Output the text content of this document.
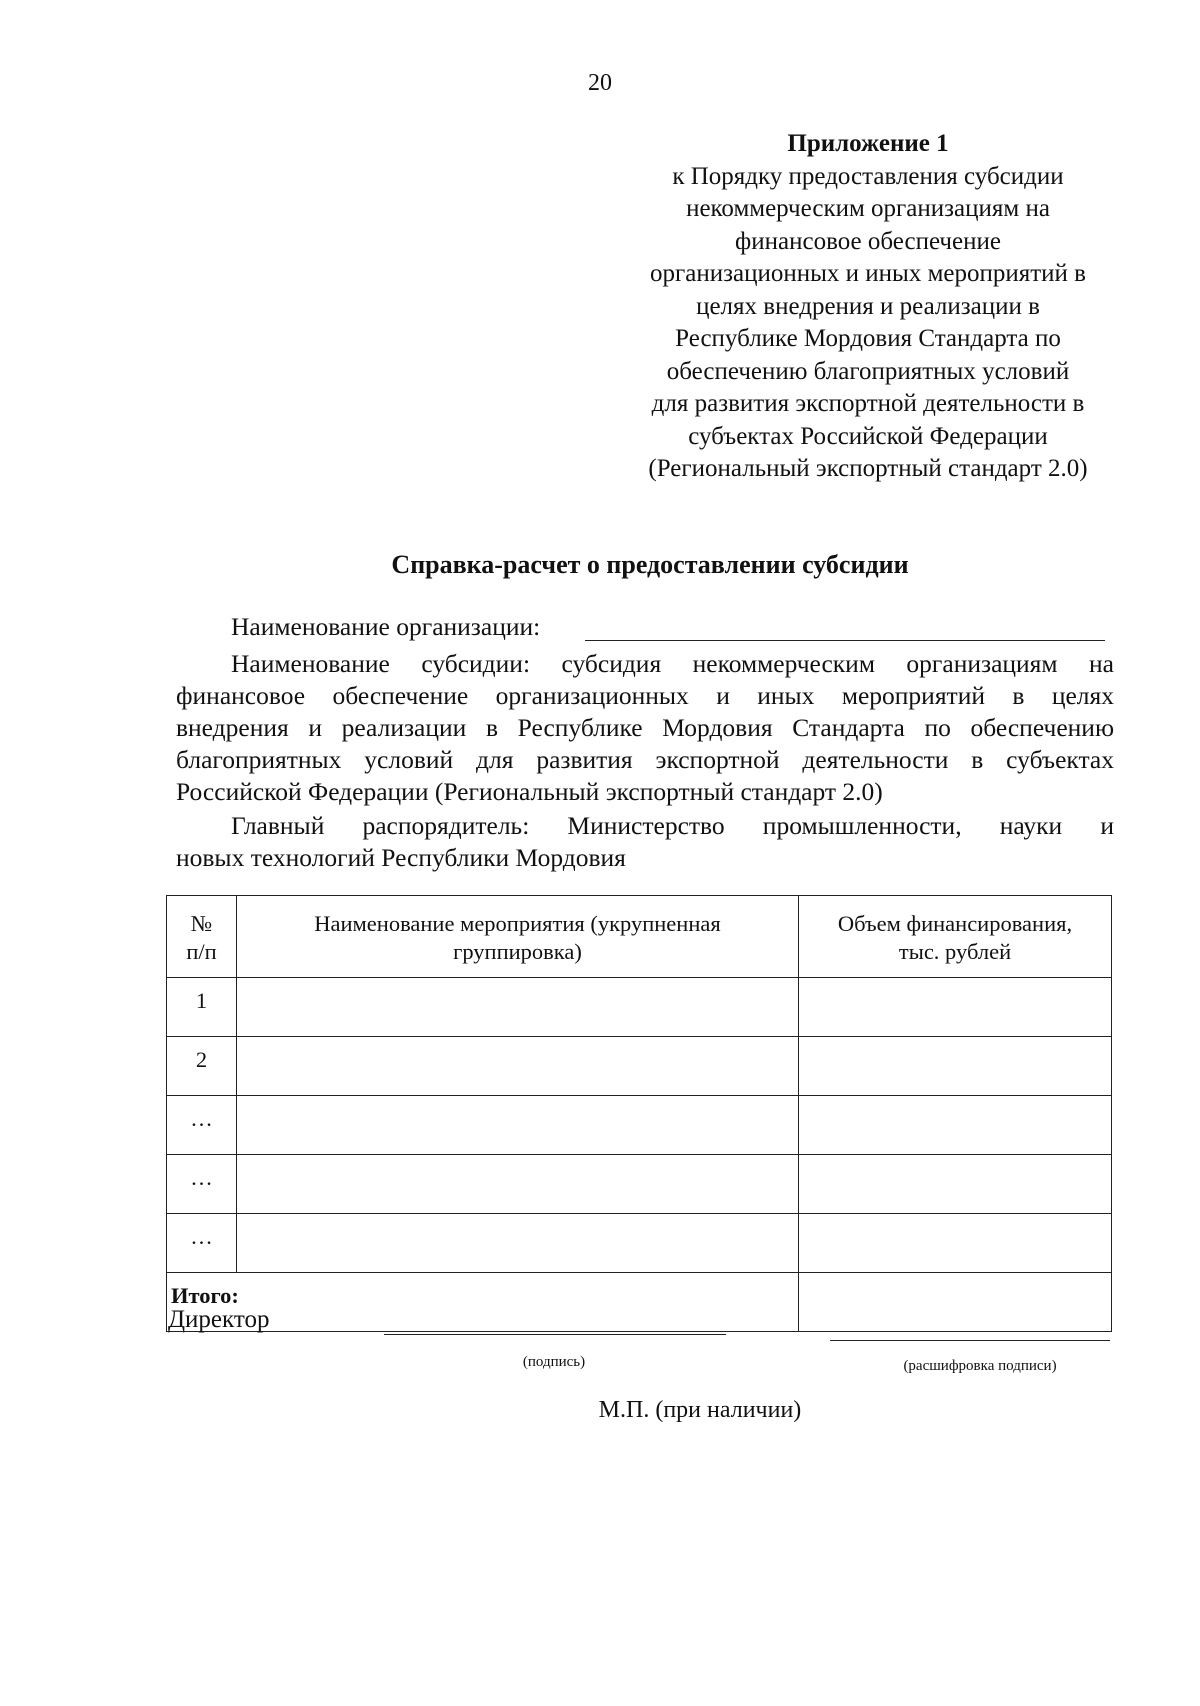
20
Приложение 1
к Порядку предоставления субсидии
некоммерческим организациям на
финансовое обеспечение
организационных и иных мероприятий в
целях внедрения и реализации в
Республике Мордовия Стандарта по
обеспечению благоприятных условий
для развития экспортной деятельности в
субъектах Российской Федерации
(Региональный экспортный стандарт 2.0)
Справка-расчет о предоставлении субсидии
Наименование организации:
Наименование субсидии: субсидия некоммерческим организациям на
финансовое обеспечение организационных и иных мероприятий в целях
внедрения и реализации в Республике Мордовия Стандарта по обеспечению
благоприятных условий для развития экспортной деятельности в субъектах
Российской Федерации (Региональный экспортный стандарт 2.0)
Главный распорядитель: Министерство промышленности, науки и
новых технологий Республики Мордовия
№ п/п	Наименование мероприятия (укрупненная группировка)	Объем финансирования, тыс. рублей
1		
2		
…		
…		
…		
Итого:		
Директор
(подпись)	(расшифровка подписи)
М.П. (при наличии)
